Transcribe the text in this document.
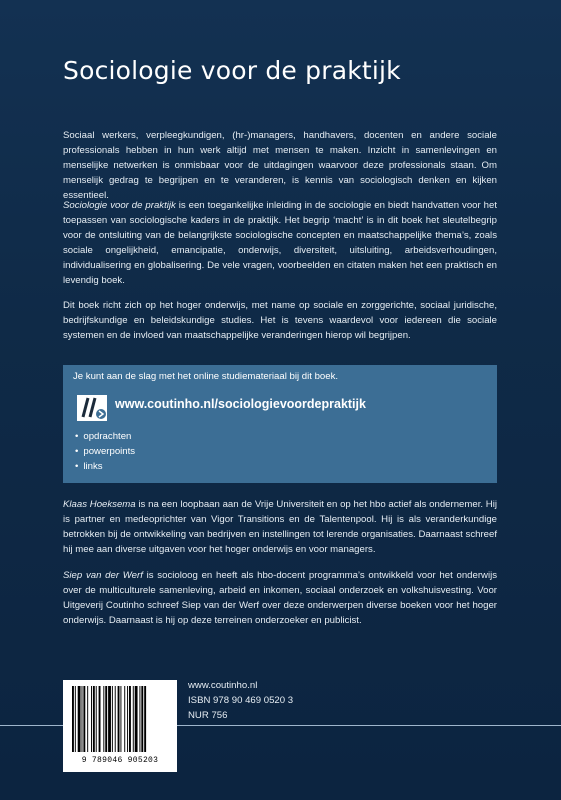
Sociologie voor de praktijk

Sociaal werkers, verpleegkundigen, (hr-)managers, handhavers, docenten en andere sociale professionals hebben in hun werk altijd met mensen te maken. Inzicht in samenlevingen en menselijke netwerken is onmisbaar voor de uitdagingen waarvoor deze professionals staan. Om menselijk gedrag te begrijpen en te veranderen, is kennis van sociologisch denken en kijken essentieel.

Sociologie voor de praktijk is een toegankelijke inleiding in de sociologie en biedt handvatten voor het toepassen van sociologische kaders in de praktijk. Het begrip ‘macht’ is in dit boek het sleutelbegrip voor de ontsluiting van de belangrijkste sociologische concepten en maatschappelijke thema’s, zoals sociale ongelijkheid, emancipatie, onderwijs, diversiteit, uitsluiting, arbeidsverhoudingen, individualisering en globalisering. De vele vragen, voorbeelden en citaten maken het een praktisch en levendig boek.

Dit boek richt zich op het hoger onderwijs, met name op sociale en zorggerichte, sociaal juridische, bedrijfskundige en beleidskundige studies. Het is tevens waardevol voor iedereen die sociale systemen en de invloed van maatschappelijke veranderingen hierop wil begrijpen.

Je kunt aan de slag met het online studiemateriaal bij dit boek.
www.coutinho.nl/sociologievoordepraktijk
• opdrachten
• powerpoints
• links

Klaas Hoeksema is na een loopbaan aan de Vrije Universiteit en op het hbo actief als ondernemer. Hij is partner en medeoprichter van Vigor Transitions en de Talentenpool. Hij is als veranderkundige betrokken bij de ontwikkeling van bedrijven en instellingen tot lerende organisaties. Daarnaast schreef hij mee aan diverse uitgaven voor het hoger onderwijs en voor managers.

Siep van der Werf is socioloog en heeft als hbo-docent programma’s ontwikkeld voor het onderwijs over de multiculturele samenleving, arbeid en inkomen, sociaal onderzoek en volkshuisvesting. Voor Uitgeverij Coutinho schreef Siep van der Werf over deze onderwerpen diverse boeken voor het hoger onderwijs. Daarnaast is hij op deze terreinen onderzoeker en publicist.

9 789046 905203
www.coutinho.nl
ISBN 978 90 469 0520 3
NUR 756
